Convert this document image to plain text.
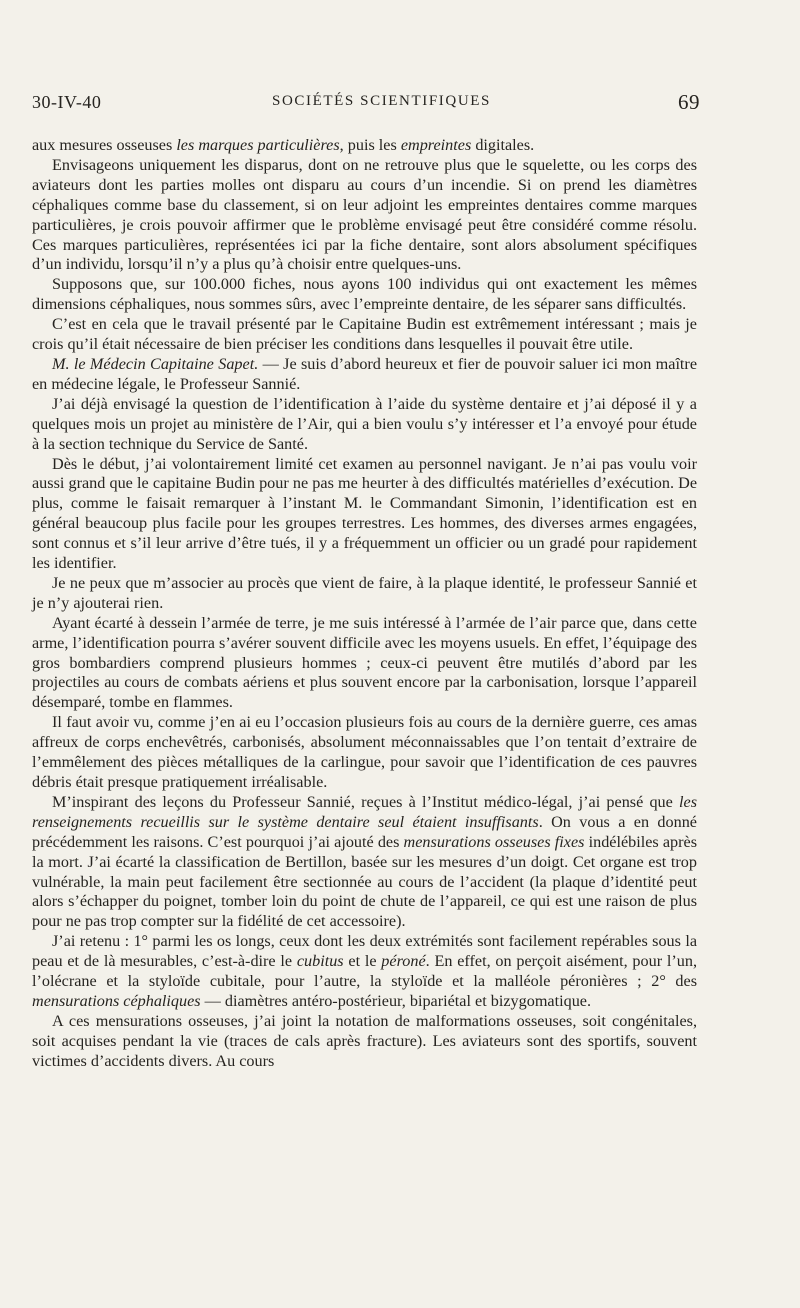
30-IV-40	SOCIÉTÉS SCIENTIFIQUES	69

aux mesures osseuses les marques particulières, puis les empreintes digitales.

Envisageons uniquement les disparus, dont on ne retrouve plus que le squelette, ou les corps des aviateurs dont les parties molles ont disparu au cours d’un incendie. Si on prend les diamètres céphaliques comme base du classement, si on leur adjoint les empreintes dentaires comme marques particulières, je crois pouvoir affirmer que le problème envisagé peut être considéré comme résolu. Ces marques particulières, représentées ici par la fiche dentaire, sont alors absolument spécifiques d’un individu, lorsqu’il n’y a plus qu’à choisir entre quelques-uns.

Supposons que, sur 100.000 fiches, nous ayons 100 individus qui ont exactement les mêmes dimensions céphaliques, nous sommes sûrs, avec l’empreinte dentaire, de les séparer sans difficultés.

C’est en cela que le travail présenté par le Capitaine Budin est extrêmement intéressant ; mais je crois qu’il était nécessaire de bien préciser les conditions dans lesquelles il pouvait être utile.

M. le Médecin Capitaine Sapet. — Je suis d’abord heureux et fier de pouvoir saluer ici mon maître en médecine légale, le Professeur Sannié.

J’ai déjà envisagé la question de l’identification à l’aide du système dentaire et j’ai déposé il y a quelques mois un projet au ministère de l’Air, qui a bien voulu s’y intéresser et l’a envoyé pour étude à la section technique du Service de Santé.

Dès le début, j’ai volontairement limité cet examen au personnel navigant. Je n’ai pas voulu voir aussi grand que le capitaine Budin pour ne pas me heurter à des difficultés matérielles d’exécution. De plus, comme le faisait remarquer à l’instant M. le Commandant Simonin, l’identification est en général beaucoup plus facile pour les groupes terrestres. Les hommes, des diverses armes engagées, sont connus et s’il leur arrive d’être tués, il y a fréquemment un officier ou un gradé pour rapidement les identifier.

Je ne peux que m’associer au procès que vient de faire, à la plaque identité, le professeur Sannié et je n’y ajouterai rien.

Ayant écarté à dessein l’armée de terre, je me suis intéressé à l’armée de l’air parce que, dans cette arme, l’identification pourra s’avérer souvent difficile avec les moyens usuels. En effet, l’équipage des gros bombardiers comprend plusieurs hommes ; ceux-ci peuvent être mutilés d’abord par les projectiles au cours de combats aériens et plus souvent encore par la carbonisation, lorsque l’appareil désemparé, tombe en flammes.

Il faut avoir vu, comme j’en ai eu l’occasion plusieurs fois au cours de la dernière guerre, ces amas affreux de corps enchevêtrés, carbonisés, absolument méconnaissables que l’on tentait d’extraire de l’emmêlement des pièces métalliques de la carlingue, pour savoir que l’identification de ces pauvres débris était presque pratiquement irréalisable.

M’inspirant des leçons du Professeur Sannié, reçues à l’Institut médico-légal, j’ai pensé que les renseignements recueillis sur le système dentaire seul étaient insuffisants. On vous a en donné précédemment les raisons. C’est pourquoi j’ai ajouté des mensurations osseuses fixes indélébiles après la mort. J’ai écarté la classification de Bertillon, basée sur les mesures d’un doigt. Cet organe est trop vulnérable, la main peut facilement être sectionnée au cours de l’accident (la plaque d’identité peut alors s’échapper du poignet, tomber loin du point de chute de l’appareil, ce qui est une raison de plus pour ne pas trop compter sur la fidélité de cet accessoire).

J’ai retenu : 1° parmi les os longs, ceux dont les deux extrémités sont facilement repérables sous la peau et de là mesurables, c’est-à-dire le cubitus et le péroné. En effet, on perçoit aisément, pour l’un, l’olécrane et la styloïde cubitale, pour l’autre, la styloïde et la malléole péronières ; 2° des mensurations céphaliques — diamètres antéro-postérieur, bipariétal et bizygomatique.

A ces mensurations osseuses, j’ai joint la notation de malformations osseuses, soit congénitales, soit acquises pendant la vie (traces de cals après fracture). Les aviateurs sont des sportifs, souvent victimes d’accidents divers. Au cours
